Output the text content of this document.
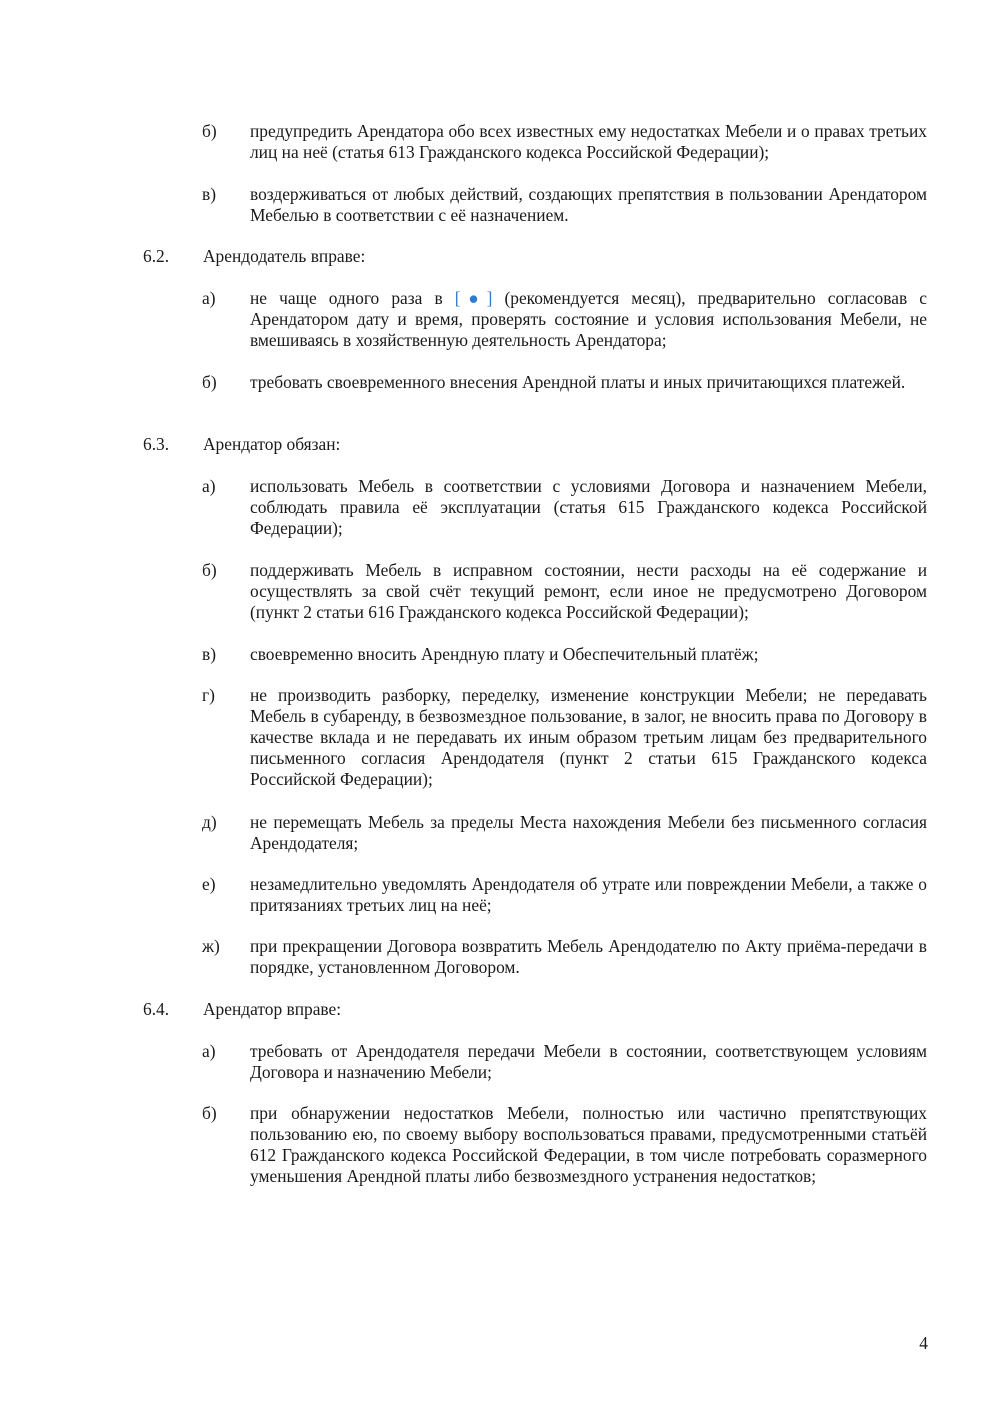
б) предупредить Арендатора обо всех известных ему недостатках Мебели и о правах третьих лиц на неё (статья 613 Гражданского кодекса Российской Федерации);
в) воздерживаться от любых действий, создающих препятствия в пользовании Арендатором Мебелью в соответствии с её назначением.
6.2. Арендодатель вправе:
а) не чаще одного раза в [●] (рекомендуется месяц), предварительно согласовав с Арендатором дату и время, проверять состояние и условия использования Мебели, не вмешиваясь в хозяйственную деятельность Арендатора;
б) требовать своевременного внесения Арендной платы и иных причитающихся платежей.
6.3. Арендатор обязан:
а) использовать Мебель в соответствии с условиями Договора и назначением Мебели, соблюдать правила её эксплуатации (статья 615 Гражданского кодекса Российской Федерации);
б) поддерживать Мебель в исправном состоянии, нести расходы на её содержание и осуществлять за свой счёт текущий ремонт, если иное не предусмотрено Договором (пункт 2 статьи 616 Гражданского кодекса Российской Федерации);
в) своевременно вносить Арендную плату и Обеспечительный платёж;
г) не производить разборку, переделку, изменение конструкции Мебели; не передавать Мебель в субаренду, в безвозмездное пользование, в залог, не вносить права по Договору в качестве вклада и не передавать их иным образом третьим лицам без предварительного письменного согласия Арендодателя (пункт 2 статьи 615 Гражданского кодекса Российской Федерации);
д) не перемещать Мебель за пределы Места нахождения Мебели без письменного согласия Арендодателя;
е) незамедлительно уведомлять Арендодателя об утрате или повреждении Мебели, а также о притязаниях третьих лиц на неё;
ж) при прекращении Договора возвратить Мебель Арендодателю по Акту приёма-передачи в порядке, установленном Договором.
6.4. Арендатор вправе:
а) требовать от Арендодателя передачи Мебели в состоянии, соответствующем условиям Договора и назначению Мебели;
б) при обнаружении недостатков Мебели, полностью или частично препятствующих пользованию ею, по своему выбору воспользоваться правами, предусмотренными статьёй 612 Гражданского кодекса Российской Федерации, в том числе потребовать соразмерного уменьшения Арендной платы либо безвозмездного устранения недостатков;
4
